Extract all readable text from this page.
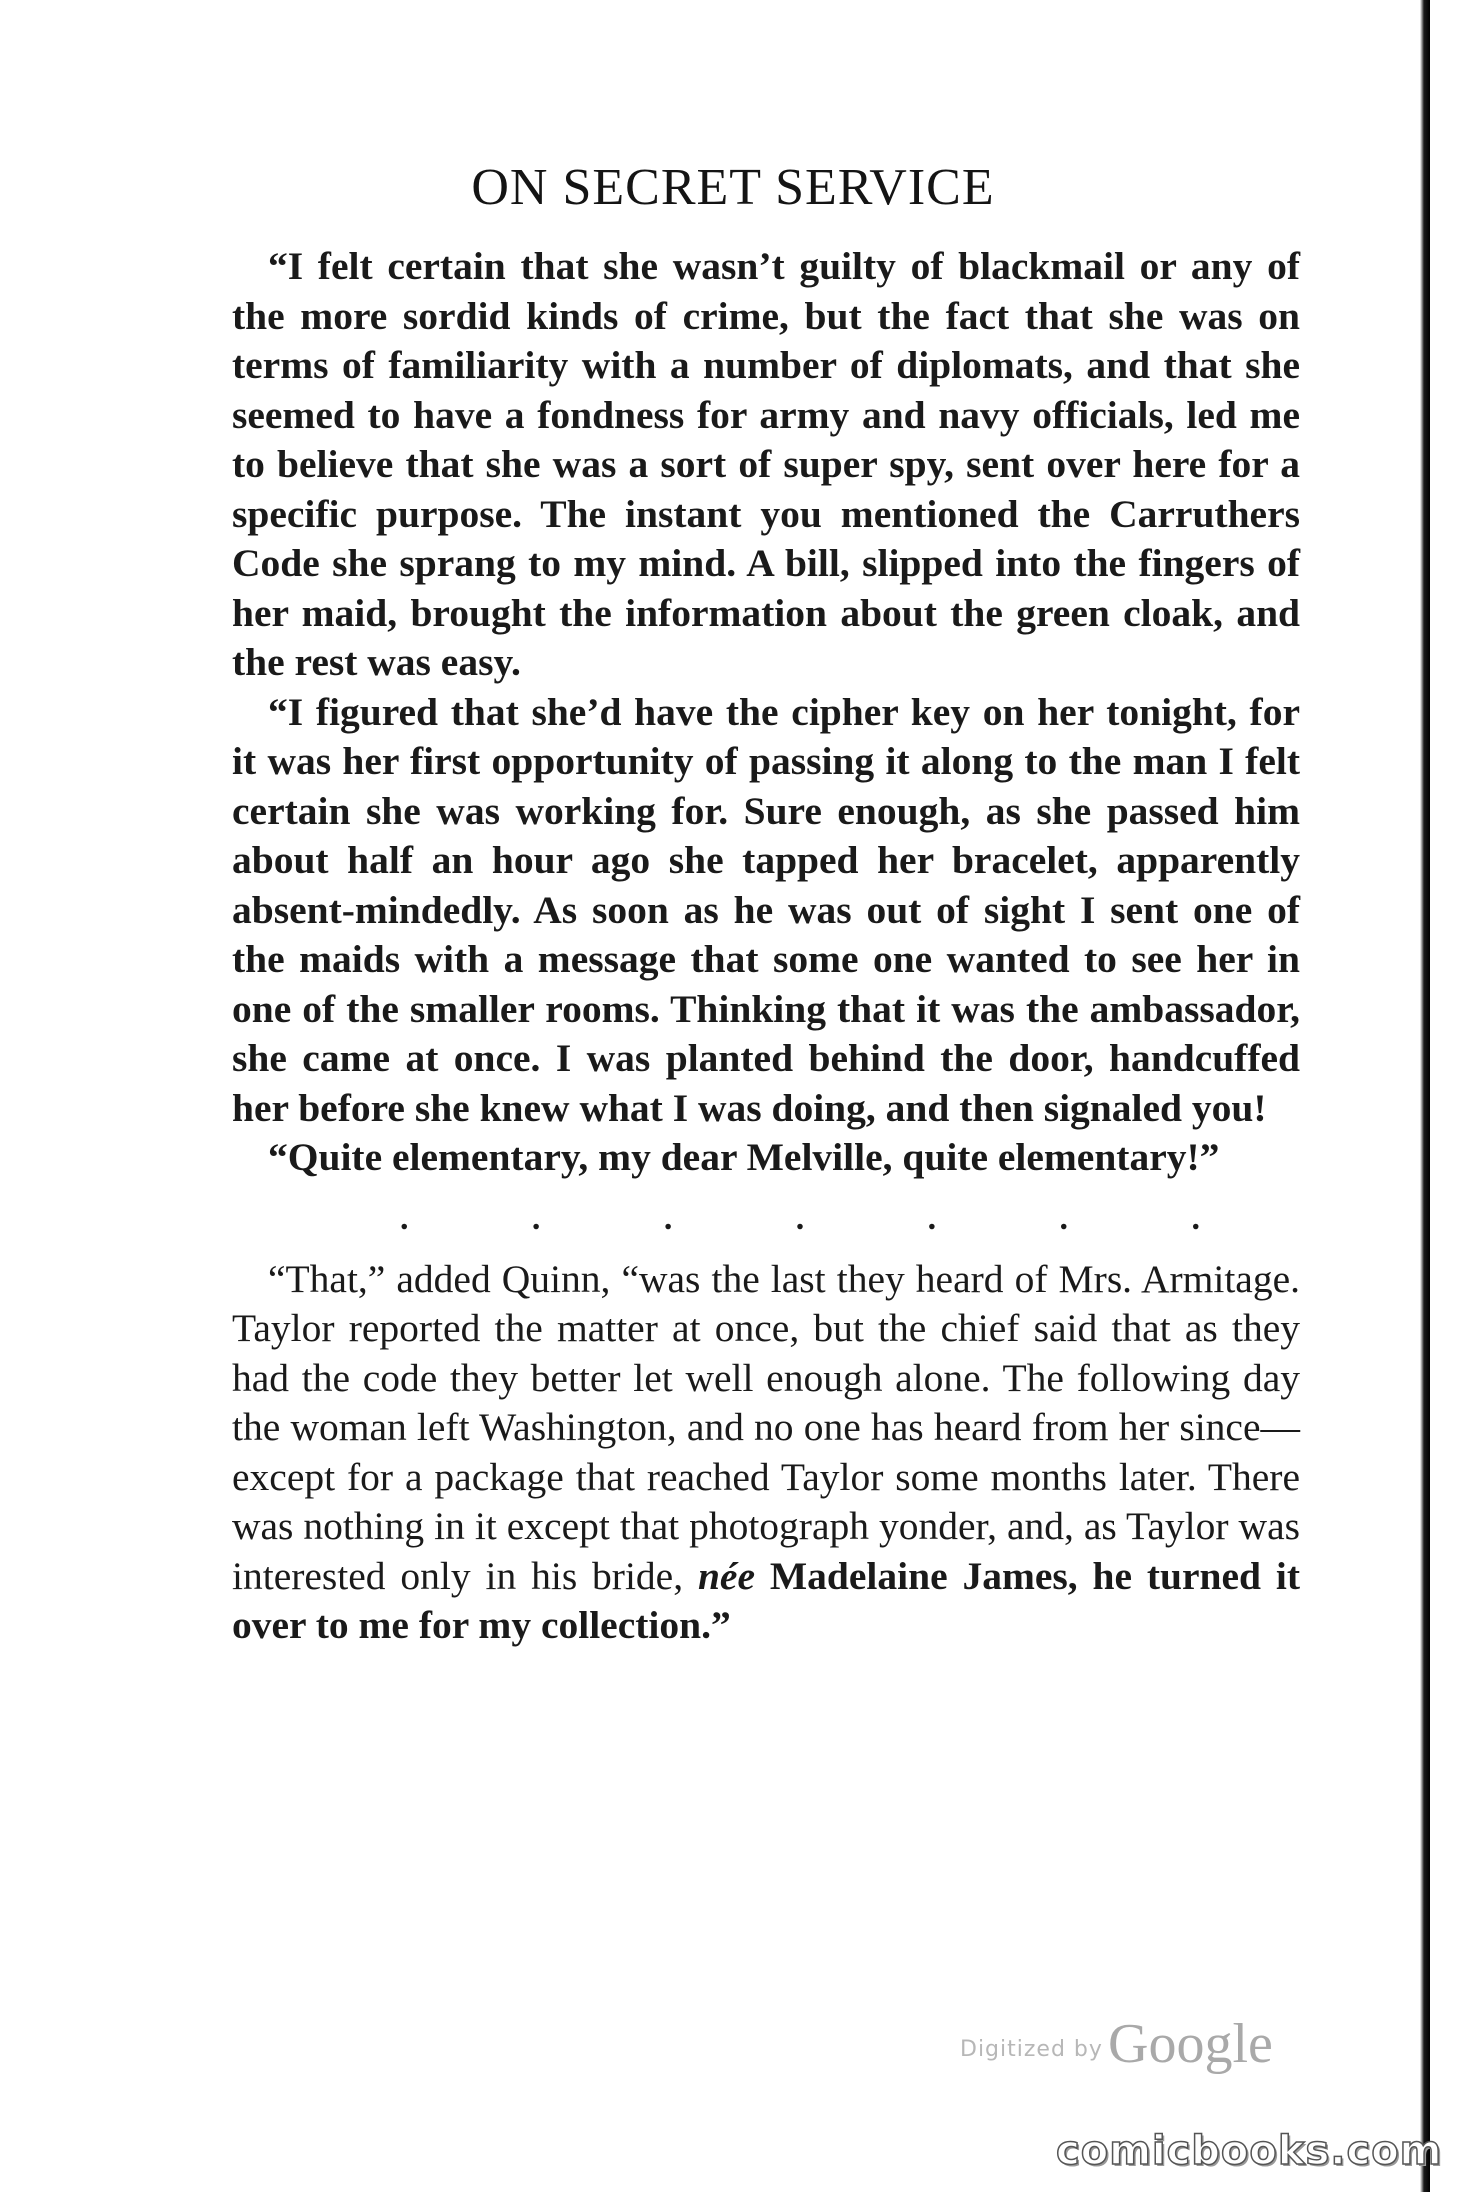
ON SECRET SERVICE

“I felt certain that she wasn’t guilty of blackmail or any of the more sordid kinds of crime, but the fact that she was on terms of familiarity with a number of diplomats, and that she seemed to have a fondness for army and navy officials, led me to believe that she was a sort of super spy, sent over here for a specific purpose. The instant you mentioned the Carruthers Code she sprang to my mind. A bill, slipped into the fingers of her maid, brought the information about the green cloak, and the rest was easy.

“I figured that she’d have the cipher key on her tonight, for it was her first opportunity of passing it along to the man I felt certain she was working for. Sure enough, as she passed him about half an hour ago she tapped her bracelet, apparently absent-mindedly. As soon as he was out of sight I sent one of the maids with a message that some one wanted to see her in one of the smaller rooms. Thinking that it was the ambassador, she came at once. I was planted behind the door, handcuffed her before she knew what I was doing, and then signaled you!

“Quite elementary, my dear Melville, quite elementary!”

.	.	.	.	.	.	.

“That,” added Quinn, “was the last they heard of Mrs. Armitage. Taylor reported the matter at once, but the chief said that as they had the code they better let well enough alone. The following day the woman left Washington, and no one has heard from her since—except for a package that reached Taylor some months later. There was nothing in it except that photograph yonder, and, as Taylor was interested only in his bride, née Madelaine James, he turned it over to me for my collection.”

Digitized by Google
comicbooks.com
